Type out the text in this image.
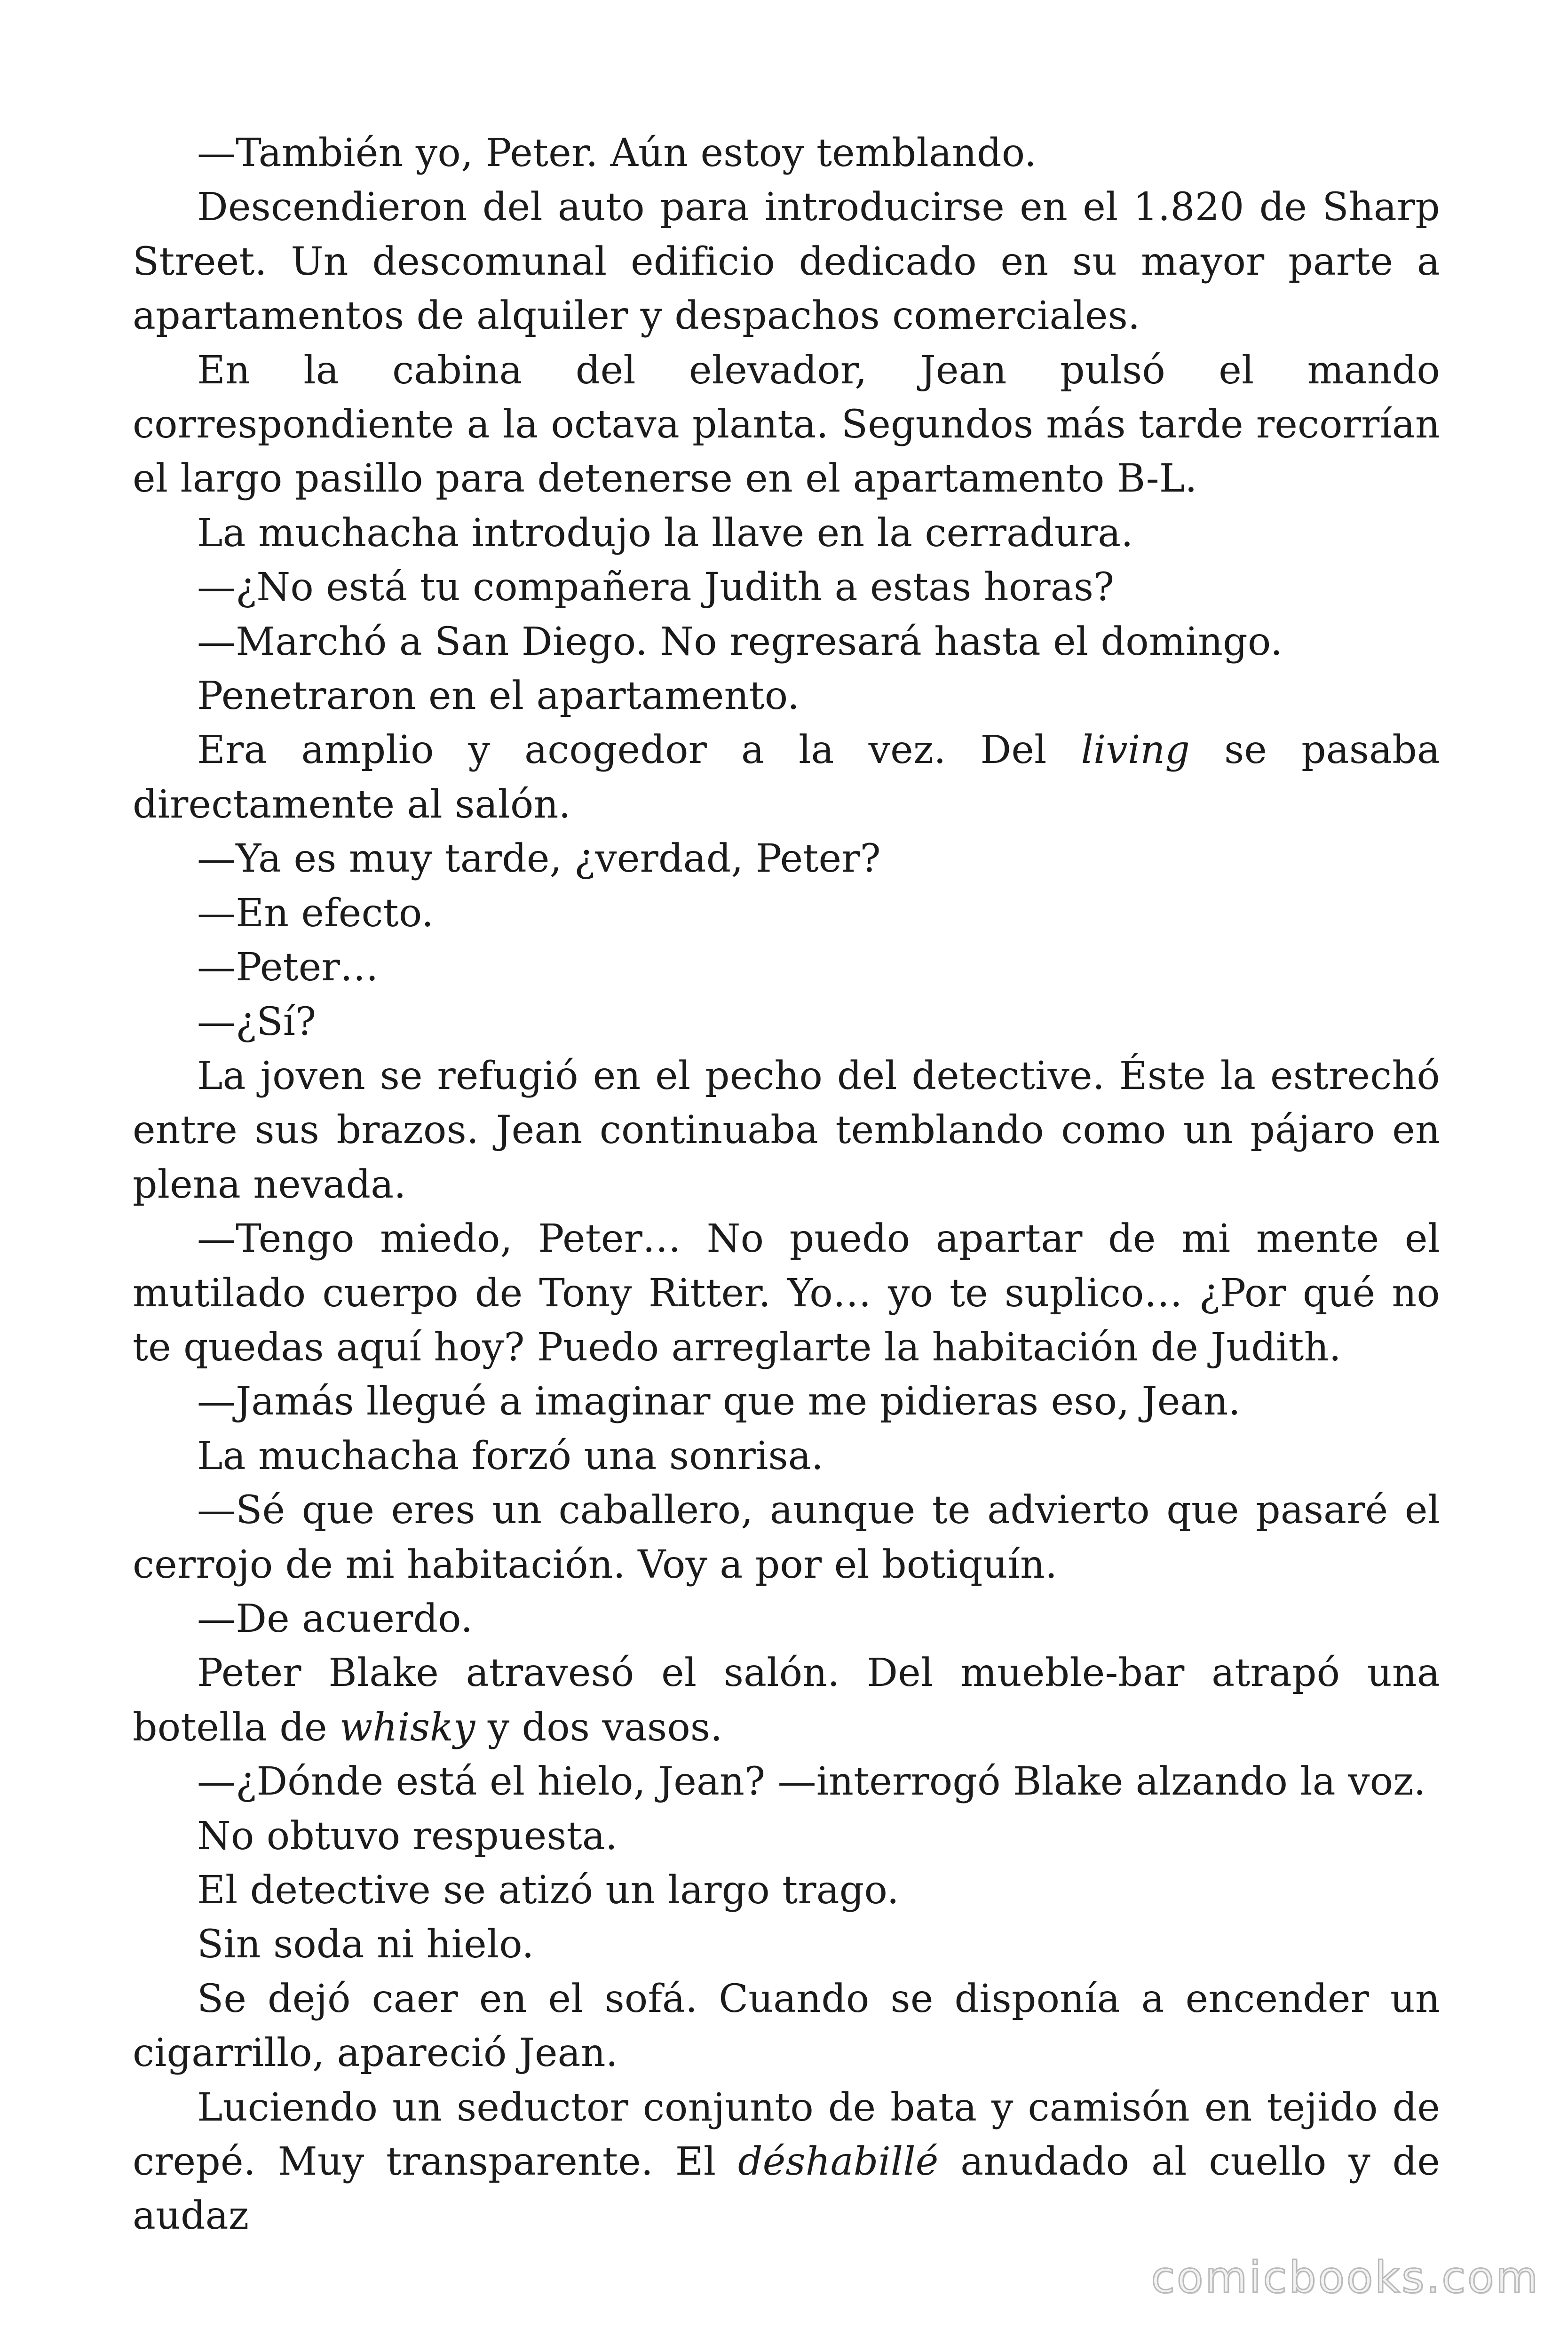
—También yo, Peter. Aún estoy temblando.

Descendieron del auto para introducirse en el 1.820 de Sharp Street. Un descomunal edificio dedicado en su mayor parte a apartamentos de alquiler y despachos comerciales.

En la cabina del elevador, Jean pulsó el mando correspondiente a la octava planta. Segundos más tarde recorrían el largo pasillo para detenerse en el apartamento B-L.

La muchacha introdujo la llave en la cerradura.

—¿No está tu compañera Judith a estas horas?

—Marchó a San Diego. No regresará hasta el domingo.

Penetraron en el apartamento.

Era amplio y acogedor a la vez. Del living se pasaba directamente al salón.

—Ya es muy tarde, ¿verdad, Peter?

—En efecto.

—Peter…

—¿Sí?

La joven se refugió en el pecho del detective. Éste la estrechó entre sus brazos. Jean continuaba temblando como un pájaro en plena nevada.

—Tengo miedo, Peter… No puedo apartar de mi mente el mutilado cuerpo de Tony Ritter. Yo… yo te suplico… ¿Por qué no te quedas aquí hoy? Puedo arreglarte la habitación de Judith.

—Jamás llegué a imaginar que me pidieras eso, Jean.

La muchacha forzó una sonrisa.

—Sé que eres un caballero, aunque te advierto que pasaré el cerrojo de mi habitación. Voy a por el botiquín.

—De acuerdo.

Peter Blake atravesó el salón. Del mueble-bar atrapó una botella de whisky y dos vasos.

—¿Dónde está el hielo, Jean? —interrogó Blake alzando la voz.

No obtuvo respuesta.

El detective se atizó un largo trago.

Sin soda ni hielo.

Se dejó caer en el sofá. Cuando se disponía a encender un cigarrillo, apareció Jean.

Luciendo un seductor conjunto de bata y camisón en tejido de crepé. Muy transparente. El déshabillé anudado al cuello y de audaz

comicbooks.com
